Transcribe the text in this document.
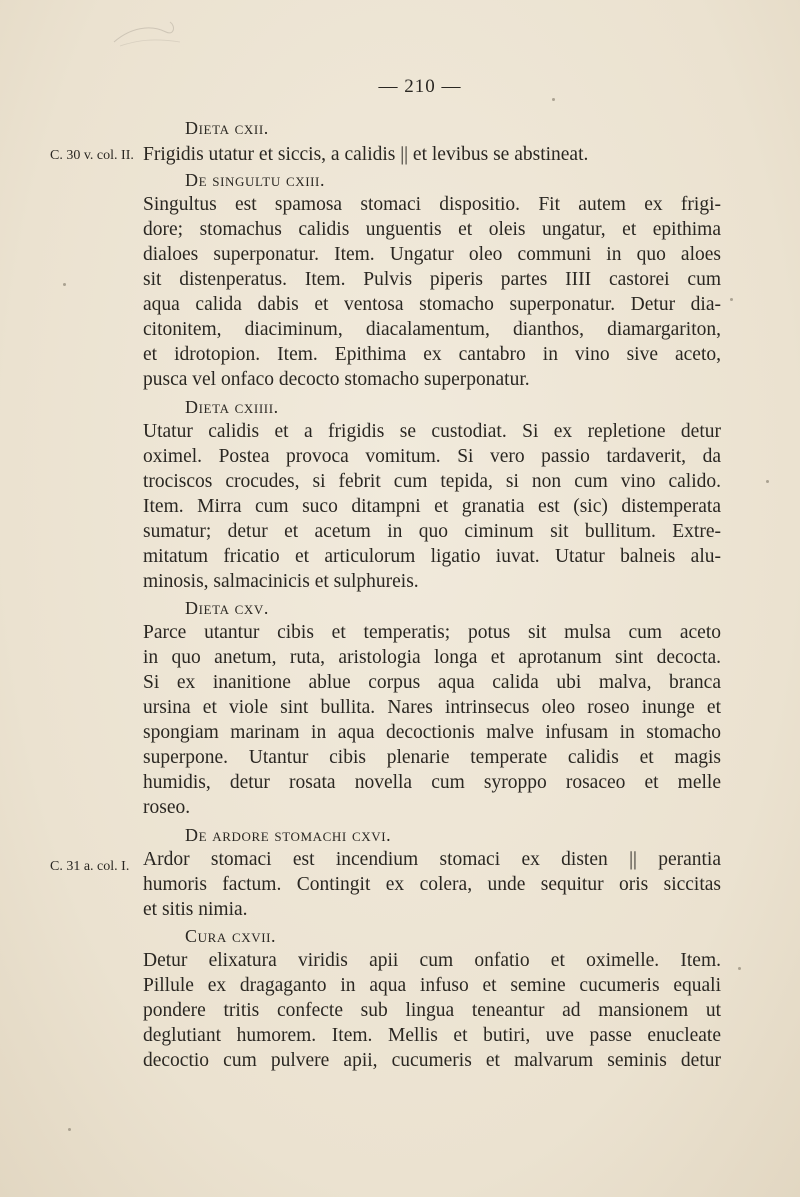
— 210 —
C. 30 v. col. II.
C. 31 a. col. I.
Dieta cxii.
Frigidis utatur et siccis, a calidis || et levibus se abstineat.
De singultu cxiii.
Singultus est spamosa stomaci dispositio. Fit autem ex frigi-
dore; stomachus calidis unguentis et oleis ungatur, et epithima
dialoes superponatur. Item. Ungatur oleo communi in quo aloes
sit distenperatus. Item. Pulvis piperis partes IIII castorei cum
aqua calida dabis et ventosa stomacho superponatur. Detur dia-
citonitem, diaciminum, diacalamentum, dianthos, diamargariton,
et idrotopion. Item. Epithima ex cantabro in vino sive aceto,
pusca vel onfaco decocto stomacho superponatur.
Dieta cxiiii.
Utatur calidis et a frigidis se custodiat. Si ex repletione detur
oximel. Postea provoca vomitum. Si vero passio tardaverit, da
trociscos crocudes, si febrit cum tepida, si non cum vino calido.
Item. Mirra cum suco ditampni et granatia est (sic) distemperata
sumatur; detur et acetum in quo ciminum sit bullitum. Extre-
mitatum fricatio et articulorum ligatio iuvat. Utatur balneis alu-
minosis, salmacinicis et sulphureis.
Dieta cxv.
Parce utantur cibis et temperatis; potus sit mulsa cum aceto
in quo anetum, ruta, aristologia longa et aprotanum sint decocta.
Si ex inanitione ablue corpus aqua calida ubi malva, branca
ursina et viole sint bullita. Nares intrinsecus oleo roseo inunge et
spongiam marinam in aqua decoctionis malve infusam in stomacho
superpone. Utantur cibis plenarie temperate calidis et magis
humidis, detur rosata novella cum syroppo rosaceo et melle
roseo.
De ardore stomachi cxvi.
Ardor stomaci est incendium stomaci ex disten || perantia
humoris factum. Contingit ex colera, unde sequitur oris siccitas
et sitis nimia.
Cura cxvii.
Detur elixatura viridis apii cum onfatio et oximelle. Item.
Pillule ex dragaganto in aqua infuso et semine cucumeris equali
pondere tritis confecte sub lingua teneantur ad mansionem ut
deglutiant humorem. Item. Mellis et butiri, uve passe enucleate
decoctio cum pulvere apii, cucumeris et malvarum seminis detur
